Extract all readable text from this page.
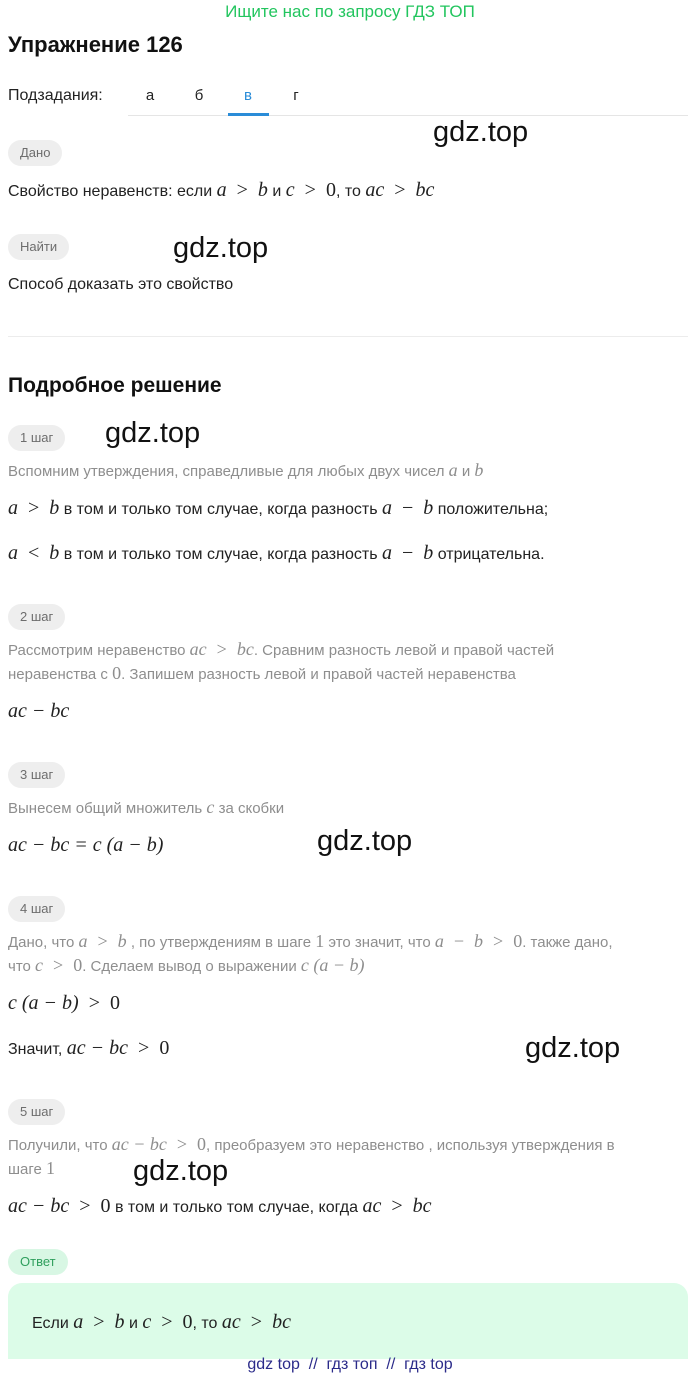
Ищите нас по запросу ГДЗ ТОП
Упражнение 126
Подзадания:	а	б	в	г
Дано
Свойство неравенств: если a > b и c > 0, то ac > bc
Найти
Способ доказать это свойство
Подробное решение
1 шаг
Вспомним утверждения, справедливые для любых двух чисел a и b
a > b в том и только том случае, когда разность a − b положительна;
a < b в том и только том случае, когда разность a − b отрицательна.
2 шаг
Рассмотрим неравенство ac > bc. Сравним разность левой и правой частей
неравенства с 0. Запишем разность левой и правой частей неравенства
ac − bc
3 шаг
Вынесем общий множитель c за скобки
ac − bc = c (a − b)
4 шаг
Дано, что a > b , по утверждениям в шаге 1 это значит, что a − b > 0. также дано,
что c > 0. Сделаем вывод о выражении c (a − b)
c (a − b) > 0
Значит, ac − bc > 0
5 шаг
Получили, что ac − bc > 0, преобразуем это неравенство , используя утверждения в
шаге 1
ac − bc > 0 в том и только том случае, когда ac > bc
Ответ
Если a > b и c > 0, то ac > bc
gdz.top
gdz.top
gdz.top
gdz.top
gdz.top
gdz.top
gdz top  //  гдз топ  //  гдз top
